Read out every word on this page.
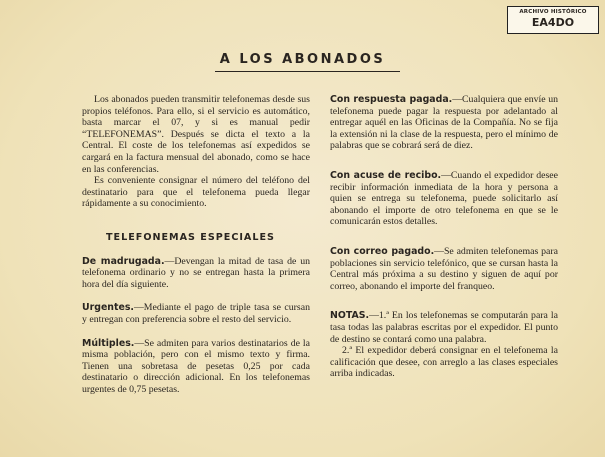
ARCHIVO HISTÓRICO
EA4DO
A LOS ABONADOS

Los abonados pueden transmitir telefonemas desde sus propios teléfonos. Para ello, si el servicio es automático, basta marcar el 07, y si es manual pedir “TELEFONEMAS”. Después se dicta el texto a la Central. El coste de los telefonemas así expedidos se cargará en la factura mensual del abonado, como se hace en las conferencias.

Es conveniente consignar el número del teléfono del destinatario para que el telefonema pueda llegar rápidamente a su conocimiento.

TELEFONEMAS ESPECIALES

De madrugada.—Devengan la mitad de tasa de un telefonema ordinario y no se entregan hasta la primera hora del día siguiente.

Urgentes.—Mediante el pago de triple tasa se cursan y entregan con preferencia sobre el resto del servicio.

Múltiples.—Se admiten para varios destinatarios de la misma población, pero con el mismo texto y firma. Tienen una sobretasa de pesetas 0,25 por cada destinatario o dirección adicional. En los telefonemas urgentes de 0,75 pesetas.

Con respuesta pagada.—Cualquiera que envíe un telefonema puede pagar la respuesta por adelantado al entregar aquél en las Oficinas de la Compañía. No se fija la extensión ni la clase de la respuesta, pero el mínimo de palabras que se cobrará será de diez.

Con acuse de recibo.—Cuando el expedidor desee recibir información inmediata de la hora y persona a quien se entrega su telefonema, puede solicitarlo así abonando el importe de otro telefonema en que se le comunicarán estos detalles.

Con correo pagado.—Se admiten telefonemas para poblaciones sin servicio telefónico, que se cursan hasta la Central más próxima a su destino y siguen de aquí por correo, abonando el importe del franqueo.

NOTAS.—1.ª En los telefonemas se computarán para la tasa todas las palabras escritas por el expedidor. El punto de destino se contará como una palabra.

2.ª El expedidor deberá consignar en el telefonema la calificación que desee, con arreglo a las clases especiales arriba indicadas.
